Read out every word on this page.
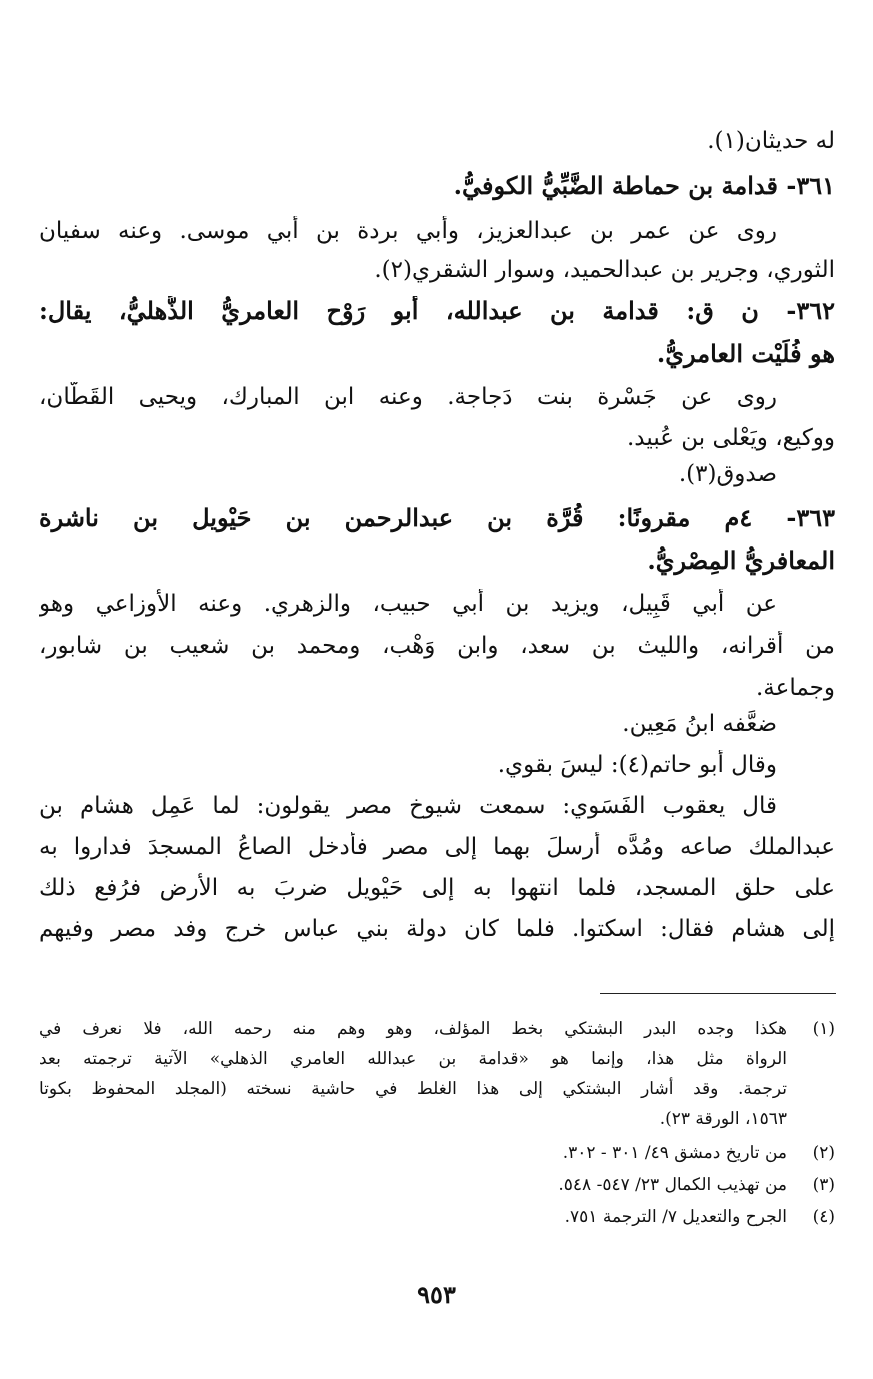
له حديثان(١).
٣٦١- قدامة بن حماطة الضَّبِّيُّ الكوفيُّ.
روى عن عمر بن عبدالعزيز، وأبي بردة بن أبي موسى. وعنه سفيان
الثوري، وجرير بن عبدالحميد، وسوار الشقري(٢).
٣٦٢- ن ق: قدامة بن عبدالله، أبو رَوْح العامريُّ الذُّهليُّ، يقال:
هو فُلَيْت العامريُّ.
روى عن جَسْرة بنت دَجاجة. وعنه ابن المبارك، ويحيى القَطَّان،
ووكيع، ويَعْلى بن عُبيد.
صدوق(٣).
٣٦٣- ٤م مقرونًا: قُرَّة بن عبدالرحمن بن حَيْويل بن ناشرة
المعافريُّ المِصْريُّ.
عن أبي قَبِيل، ويزيد بن أبي حبيب، والزهري. وعنه الأوزاعي وهو
من أقرانه، والليث بن سعد، وابن وَهْب، ومحمد بن شعيب بن شابور،
وجماعة.
ضعَّفه ابنُ مَعِين.
وقال أبو حاتم(٤): ليسَ بقوي.
قال يعقوب الفَسَوي: سمعت شيوخ مصر يقولون: لما عَمِل هشام بن
عبدالملك صاعه ومُدَّه أرسلَ بهما إلى مصر فأُدخل الصاعُ المسجدَ فداروا به
على حلق المسجد، فلما انتهوا به إلى حَيْويل ضربَ به الأرض فرُفع ذلك
إلى هشام فقال: اسكتوا. فلما كان دولة بني عباس خرج وفد مصر وفيهم
(١)
هكذا وجده البدر البشتكي بخط المؤلف، وهو وهم منه رحمه الله، فلا نعرف في
الرواة مثل هذا، وإنما هو «قدامة بن عبدالله العامري الذهلي» الآتية ترجمته بعد
ترجمة. وقد أشار البشتكي إلى هذا الغلط في حاشية نسخته (المجلد المحفوظ بكوتا
١٥٦٣، الورقة ٢٣).
(٢)
من تاريخ دمشق ٤٩/ ٣٠١ - ٣٠٢.
(٣)
من تهذيب الكمال ٢٣/ ٥٤٧- ٥٤٨.
(٤)
الجرح والتعديل ٧/ الترجمة ٧٥١.
٩٥٣
